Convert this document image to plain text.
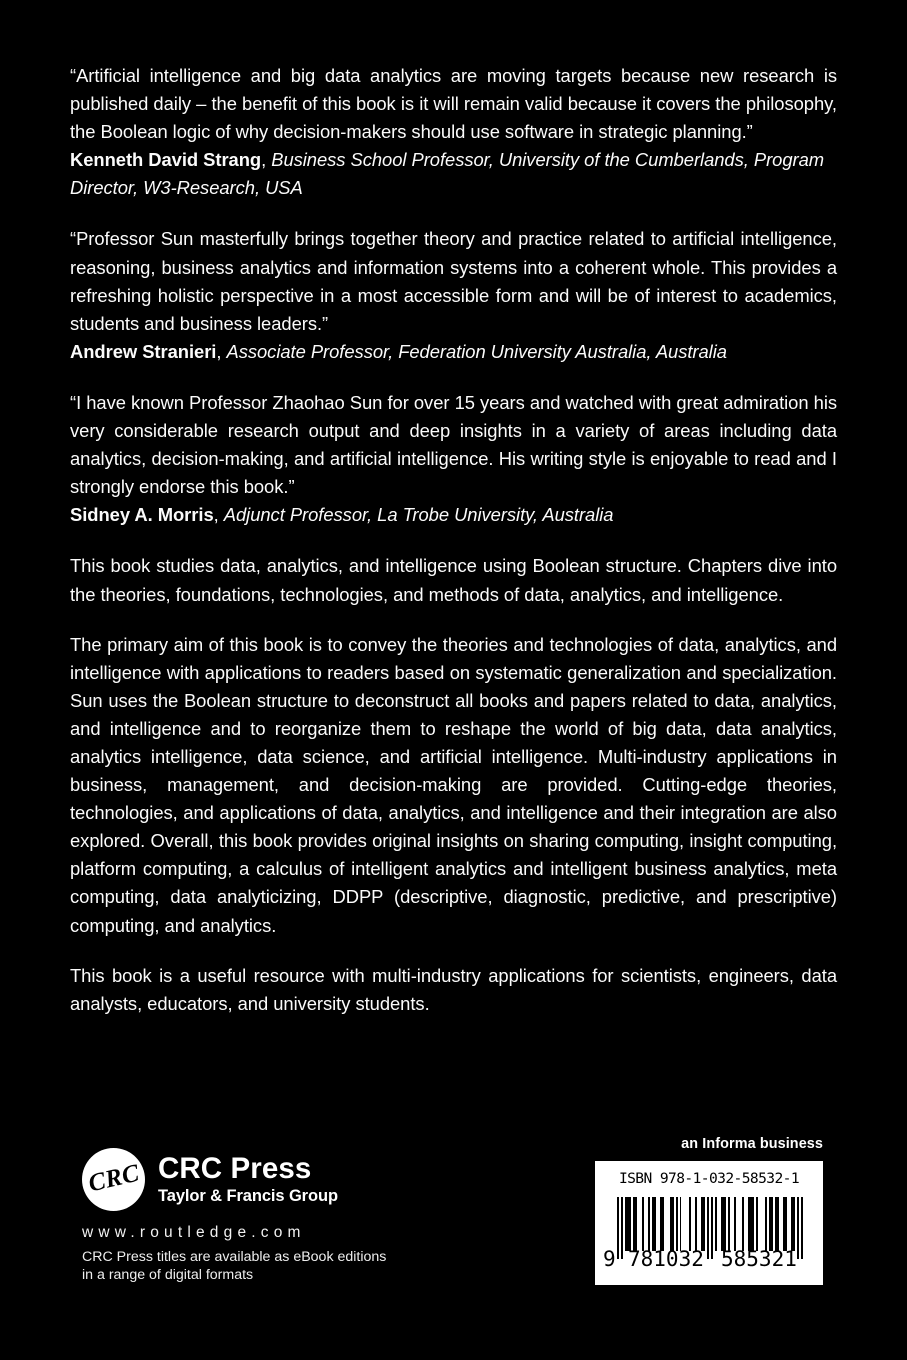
“Artificial intelligence and big data analytics are moving targets because new research is published daily – the benefit of this book is it will remain valid because it covers the philosophy, the Boolean logic of why decision-makers should use software in strategic planning.”

Kenneth David Strang, Business School Professor, University of the Cumberlands, Program Director, W3-Research, USA

“Professor Sun masterfully brings together theory and practice related to artificial intelligence, reasoning, business analytics and information systems into a coherent whole. This provides a refreshing holistic perspective in a most accessible form and will be of interest to academics, students and business leaders.”

Andrew Stranieri, Associate Professor, Federation University Australia, Australia

“I have known Professor Zhaohao Sun for over 15 years and watched with great admiration his very considerable research output and deep insights in a variety of areas including data analytics, decision-making, and artificial intelligence. His writing style is enjoyable to read and I strongly endorse this book.”

Sidney A. Morris, Adjunct Professor, La Trobe University, Australia

This book studies data, analytics, and intelligence using Boolean structure. Chapters dive into the theories, foundations, technologies, and methods of data, analytics, and intelligence.

The primary aim of this book is to convey the theories and technologies of data, analytics, and intelligence with applications to readers based on systematic generalization and specialization. Sun uses the Boolean structure to deconstruct all books and papers related to data, analytics, and intelligence and to reorganize them to reshape the world of big data, data analytics, analytics intelligence, data science, and artificial intelligence. Multi-industry applications in business, management, and decision-making are provided. Cutting-edge theories, technologies, and applications of data, analytics, and intelligence and their integration are also explored. Overall, this book provides original insights on sharing computing, insight computing, platform computing, a calculus of intelligent analytics and intelligent business analytics, meta computing, data analyticizing, DDPP (descriptive, diagnostic, predictive, and prescriptive) computing, and analytics.

This book is a useful resource with multi-industry applications for scientists, engineers, data analysts, educators, and university students.

CRC CRC Press
Taylor & Francis Group
www.routledge.com
CRC Press titles are available as eBook editions
in a range of digital formats
an Informa business
ISBN 978-1-032-58532-1
9 781032 585321
